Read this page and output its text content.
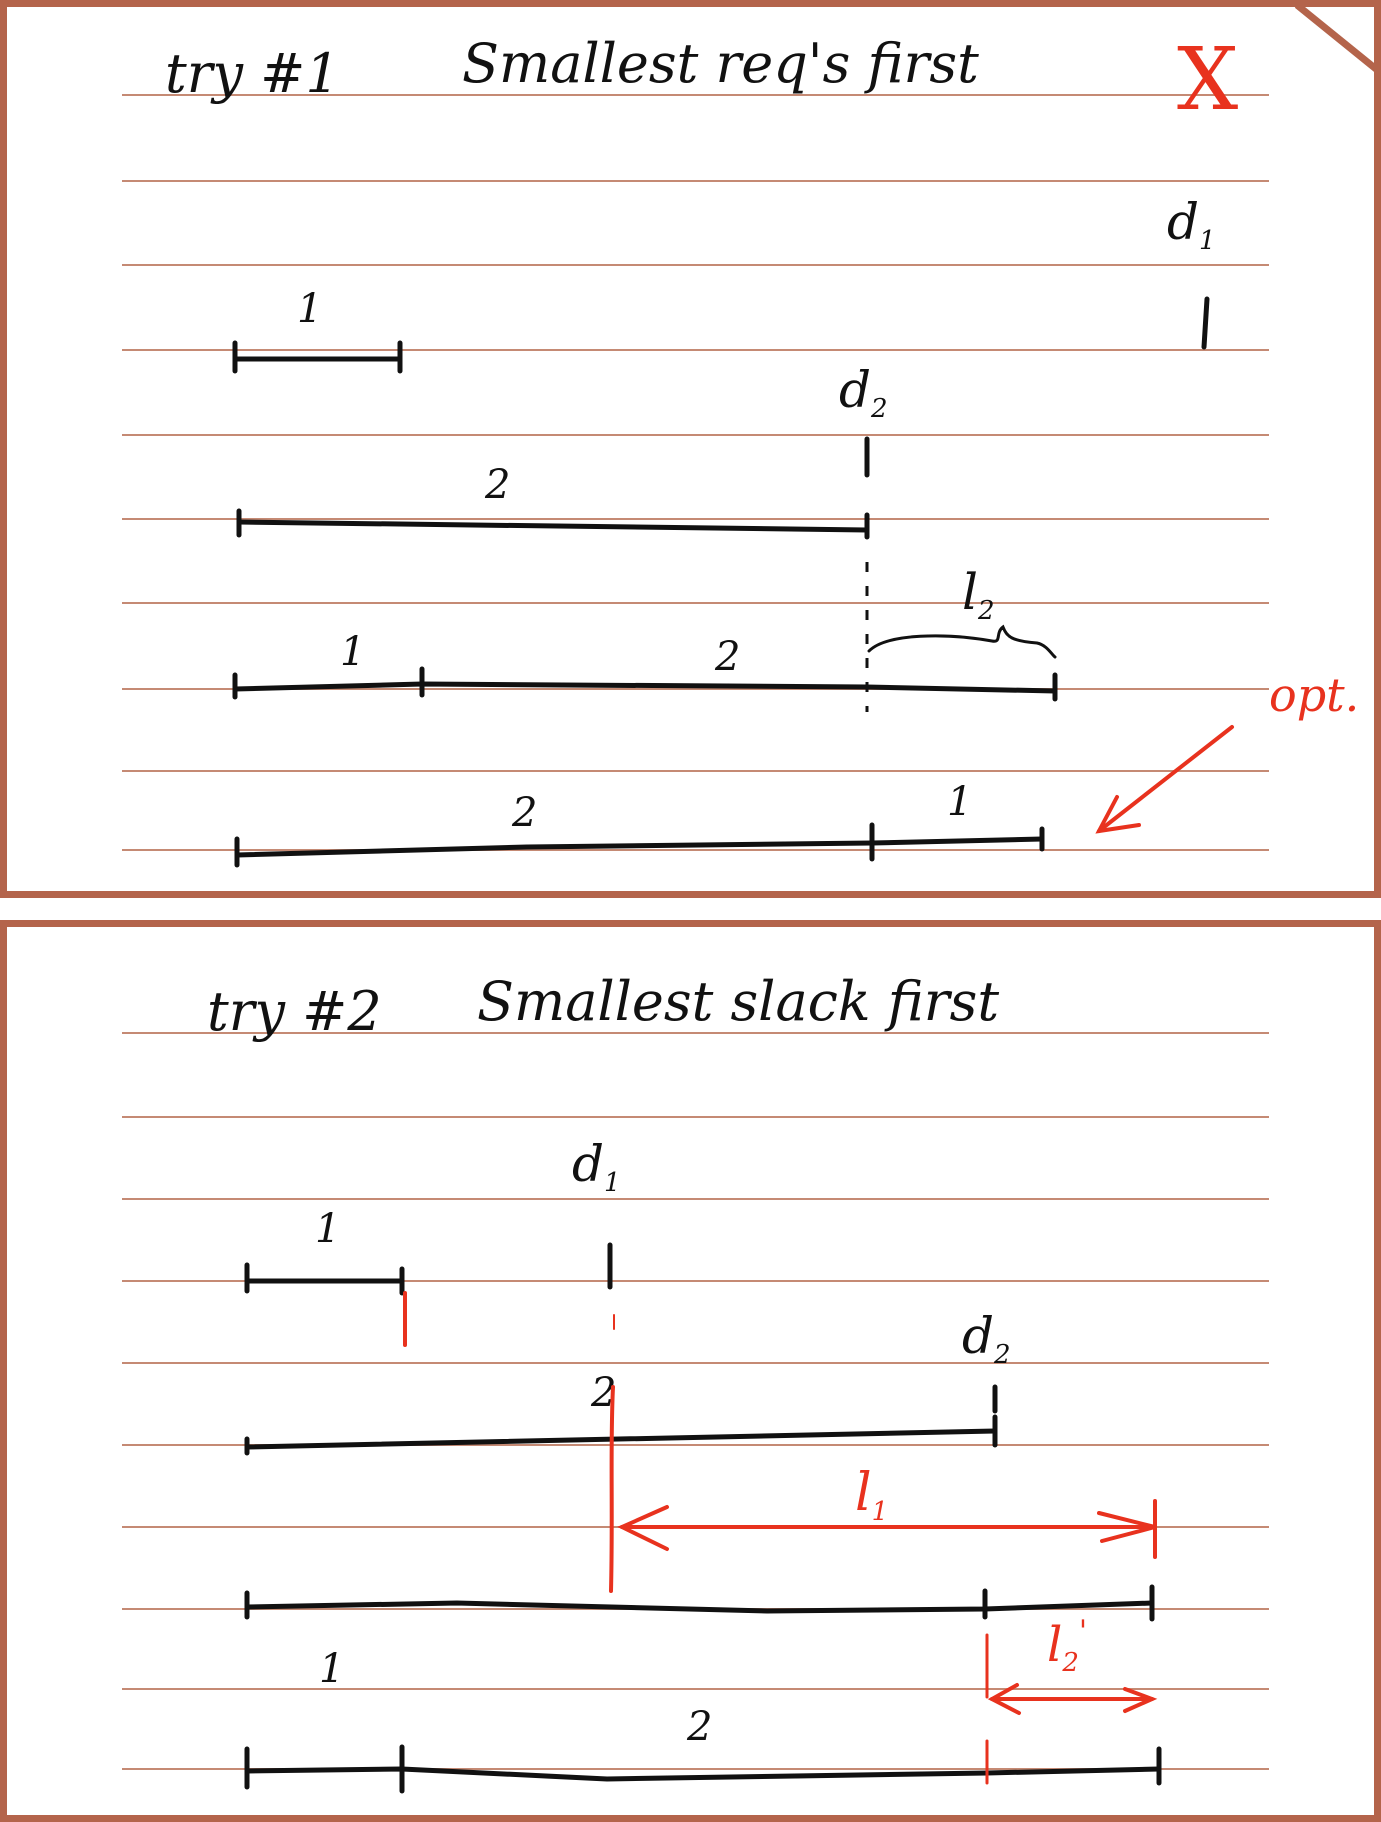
try #1 Smallest req's first X
$d_1$
1
$d_2$
2
$l_2$
1	2
opt.
2	1
try #2 Smallest slack first
$d_1$
1
$d_2$
2
$l_1$
$l_2'$
1
2
